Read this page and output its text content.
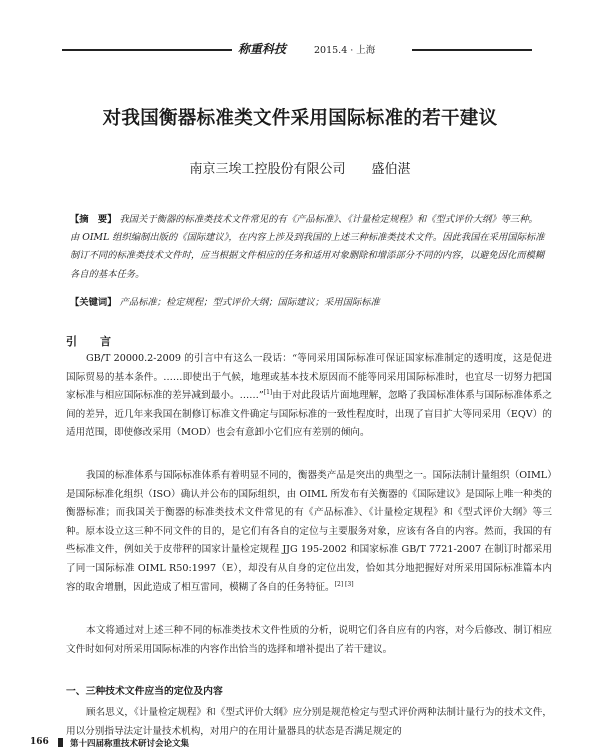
称重科技	2015.4 · 上海
对我国衡器标准类文件采用国际标准的若干建议
南京三埃工控股份有限公司 盛伯湛
【摘　要】 我国关于衡器的标准类技术文件常见的有《产品标准》、《计量检定规程》和《型式评价大纲》等三种。由 OIML 组织编制出版的《国际建议》，在内容上涉及到我国的上述三种标准类技术文件。因此我国在采用国际标准制订不同的标准类技术文件时，应当根据文件相应的任务和适用对象删除和增添部分不同的内容，以避免因化而模糊各自的基本任务。
【关键词】 产品标准；检定规程；型式评价大纲；国际建议；采用国际标准
引　言
GB/T 20000.2-2009 的引言中有这么一段话：“等同采用国际标准可保证国家标准制定的透明度，这是促进国际贸易的基本条件。……即使出于气候，地理或基本技术原因而不能等同采用国际标准时，也宜尽一切努力把国家标准与相应国际标准的差异减到最小。……”[1]由于对此段话片面地理解，忽略了我国标准体系与国际标准体系之间的差异，近几年来我国在制修订标准文件确定与国际标准的一致性程度时，出现了盲目扩大等同采用（EQV）的适用范围，即使修改采用（MOD）也会有意卸小它们应有差别的倾向。
我国的标准体系与国际标准体系有着明显不同的，衡器类产品是突出的典型之一。国际法制计量组织（OIML）是国际标准化组织（ISO）确认并公布的国际组织，由 OIML 所发布有关衡器的《国际建议》是国际上唯一种类的衡器标准；而我国关于衡器的标准类技术文件常见的有《产品标准》、《计量检定规程》和《型式评价大纲》等三种。原本设立这三种不同文件的目的，是它们有各自的定位与主要服务对象，应该有各自的内容。然而，我国的有些标准文件，例如关于皮带秤的国家计量检定规程 JJG 195-2002 和国家标准 GB/T 7721-2007 在制订时都采用了同一国际标准 OIML R50:1997（E），却没有从自身的定位出发，恰如其分地把握好对所采用国际标准篇本内容的取舍增删，因此造成了相互雷同，模糊了各自的任务特征。[2] [3]
本文将通过对上述三种不同的标准类技术文件性质的分析，说明它们各自应有的内容，对今后修改、制订相应文件时如何对所采用国际标准的内容作出恰当的选择和增补提出了若干建议。
一、三种技术文件应当的定位及内容
顾名思义，《计量检定规程》和《型式评价大纲》应分别是规范检定与型式评价两种法制计量行为的技术文件，用以分别指导法定计量技术机构，对用户的在用计量器具的状态是否满足规定的
166 第十四届称重技术研讨会论文集
